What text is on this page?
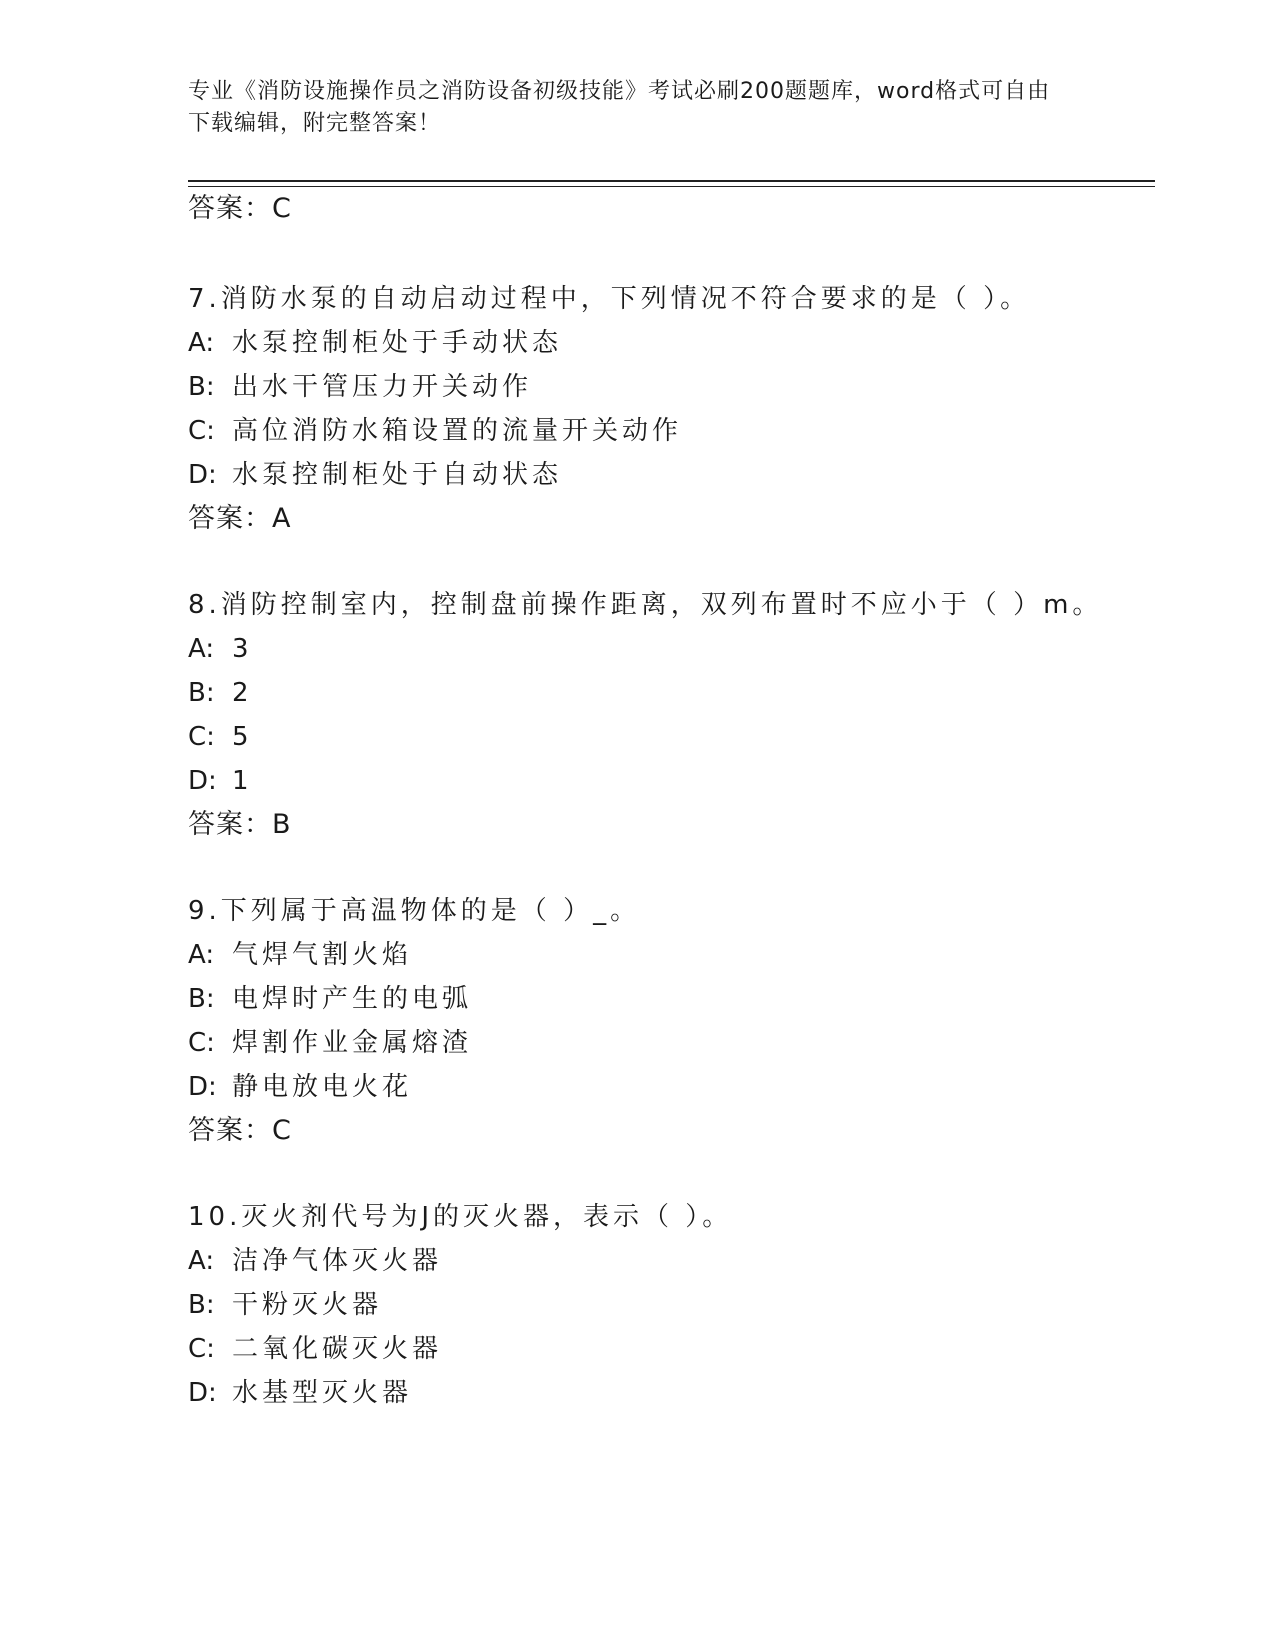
专业《消防设施操作员之消防设备初级技能》考试必刷200题题库，word格式可自由下载编辑，附完整答案！
答案：C
7.消防水泵的自动启动过程中，下列情况不符合要求的是（ ）。
A: 水泵控制柜处于手动状态
B: 出水干管压力开关动作
C: 高位消防水箱设置的流量开关动作
D: 水泵控制柜处于自动状态
答案：A
8.消防控制室内，控制盘前操作距离，双列布置时不应小于（ ）m。
A: 3
B: 2
C: 5
D: 1
答案：B
9.下列属于高温物体的是（ ）_。
A: 气焊气割火焰
B: 电焊时产生的电弧
C: 焊割作业金属熔渣
D: 静电放电火花
答案：C
10.灭火剂代号为J的灭火器，表示（ ）。
A: 洁净气体灭火器
B: 干粉灭火器
C: 二氧化碳灭火器
D: 水基型灭火器
